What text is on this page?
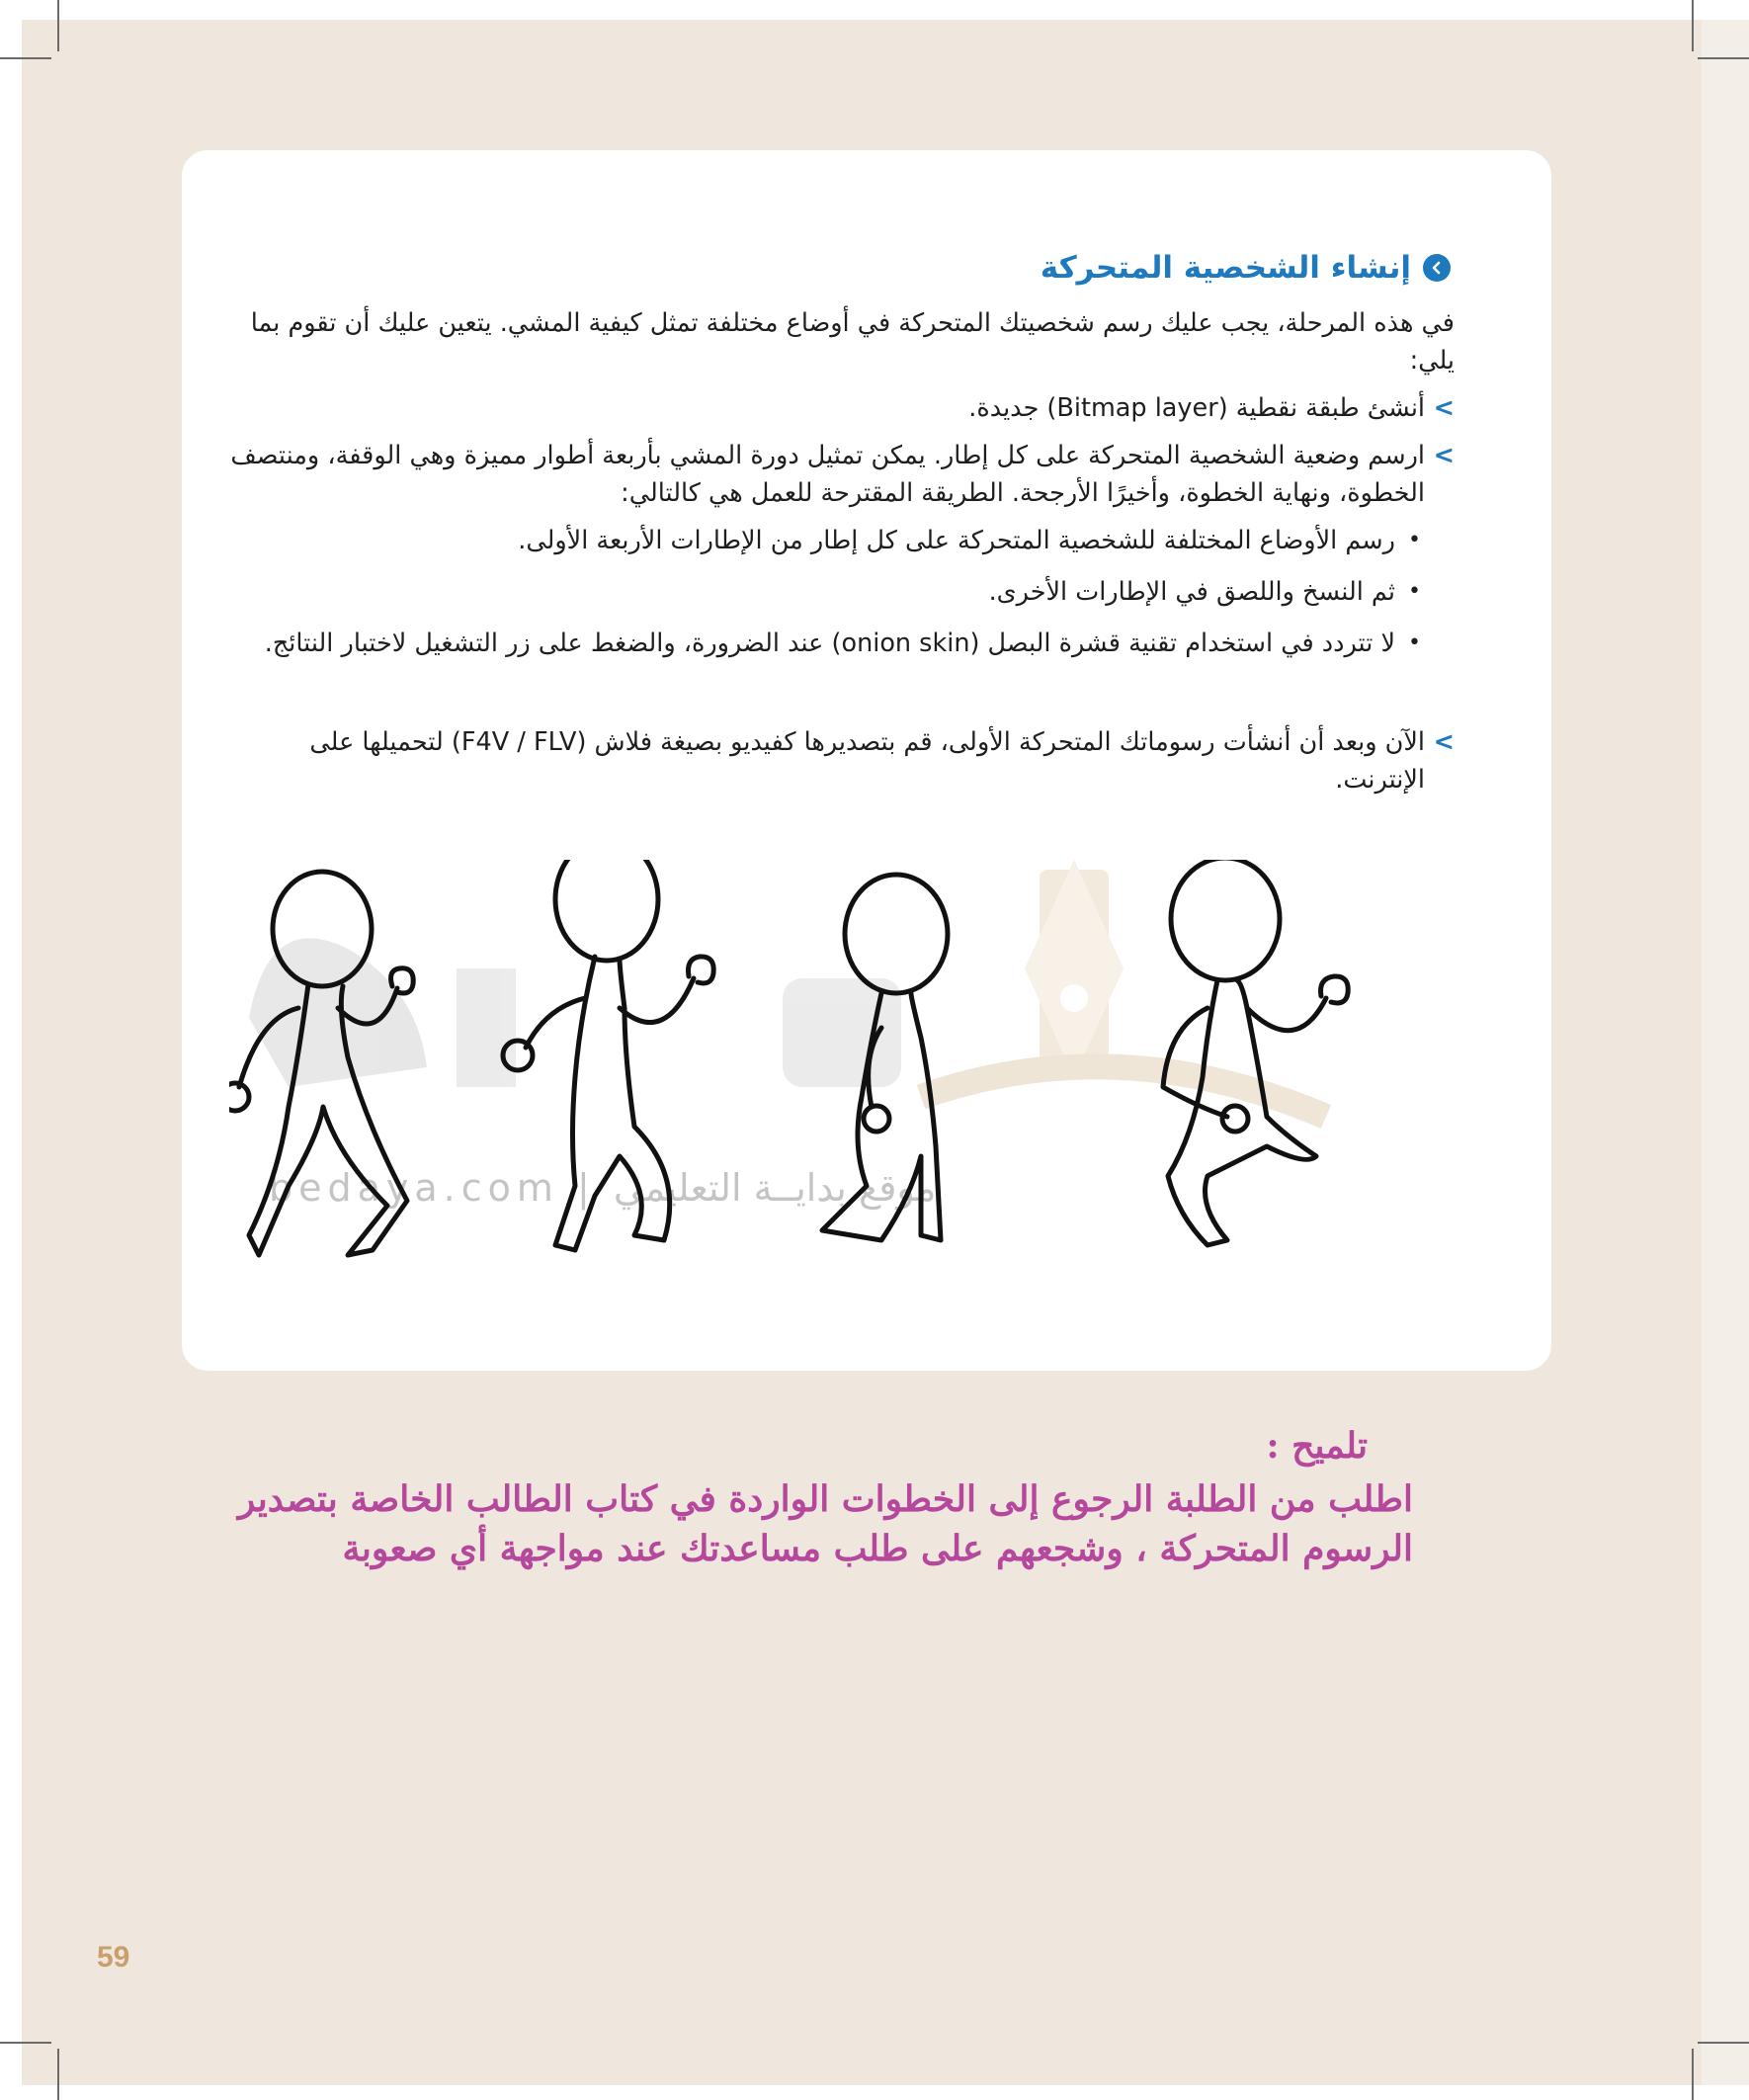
إنشاء الشخصية المتحركة

في هذه المرحلة، يجب عليك رسم شخصيتك المتحركة في أوضاع مختلفة تمثل كيفية المشي. يتعين عليك أن تقوم بما يلي:

>
أنشئ طبقة نقطية (Bitmap layer) جديدة.
>
ارسم وضعية الشخصية المتحركة على كل إطار. يمكن تمثيل دورة المشي بأربعة أطوار مميزة وهي الوقفة، ومنتصف الخطوة، ونهاية الخطوة، وأخيرًا الأرجحة. الطريقة المقترحة للعمل هي كالتالي:
•
رسم الأوضاع المختلفة للشخصية المتحركة على كل إطار من الإطارات الأربعة الأولى.
•
ثم النسخ واللصق في الإطارات الأخرى.
•
لا تتردد في استخدام تقنية قشرة البصل (onion skin) عند الضرورة، والضغط على زر التشغيل لاختبار النتائج.
>
الآن وبعد أن أنشأت رسوماتك المتحركة الأولى، قم بتصديرها كفيديو بصيغة فلاش (F4V / FLV) لتحميلها على الإنترنت.
bedaya.com | موقع بدايــة التعليمي
تلميح :
اطلب من الطلبة الرجوع إلى الخطوات الواردة في كتاب الطالب الخاصة بتصدير الرسوم المتحركة ، وشجعهم على طلب مساعدتك عند مواجهة أي صعوبة
59
